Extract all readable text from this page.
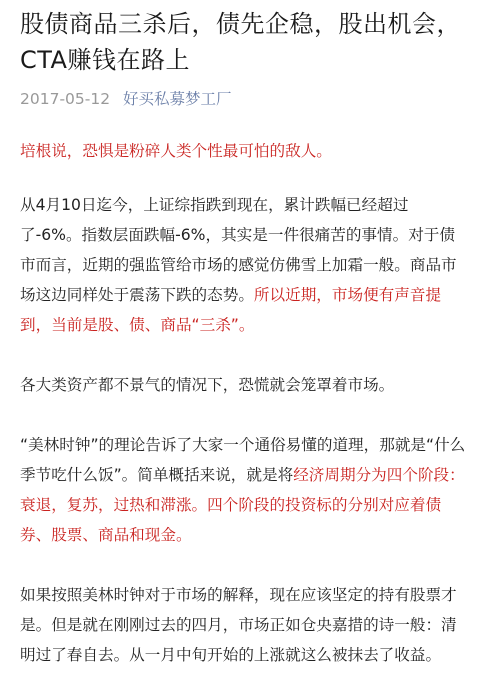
股债商品三杀后，债先企稳，股出机会，CTA赚钱在路上
2017-05-12 好买私募梦工厂

培根说，恐惧是粉碎人类个性最可怕的敌人。

从4月10日迄今，上证综指跌到现在，累计跌幅已经超过了-6%。指数层面跌幅-6%，其实是一件很痛苦的事情。对于债市而言，近期的强监管给市场的感觉仿佛雪上加霜一般。商品市场这边同样处于震荡下跌的态势。所以近期，市场便有声音提到，当前是股、债、商品“三杀”。

各大类资产都不景气的情况下，恐慌就会笼罩着市场。

“美林时钟”的理论告诉了大家一个通俗易懂的道理，那就是“什么季节吃什么饭”。简单概括来说，就是将经济周期分为四个阶段：衰退，复苏，过热和滞涨。四个阶段的投资标的分别对应着债券、股票、商品和现金。

如果按照美林时钟对于市场的解释，现在应该坚定的持有股票才是。但是就在刚刚过去的四月，市场正如仓央嘉措的诗一般：清明过了春自去。从一月中旬开始的上涨就这么被抹去了收益。
